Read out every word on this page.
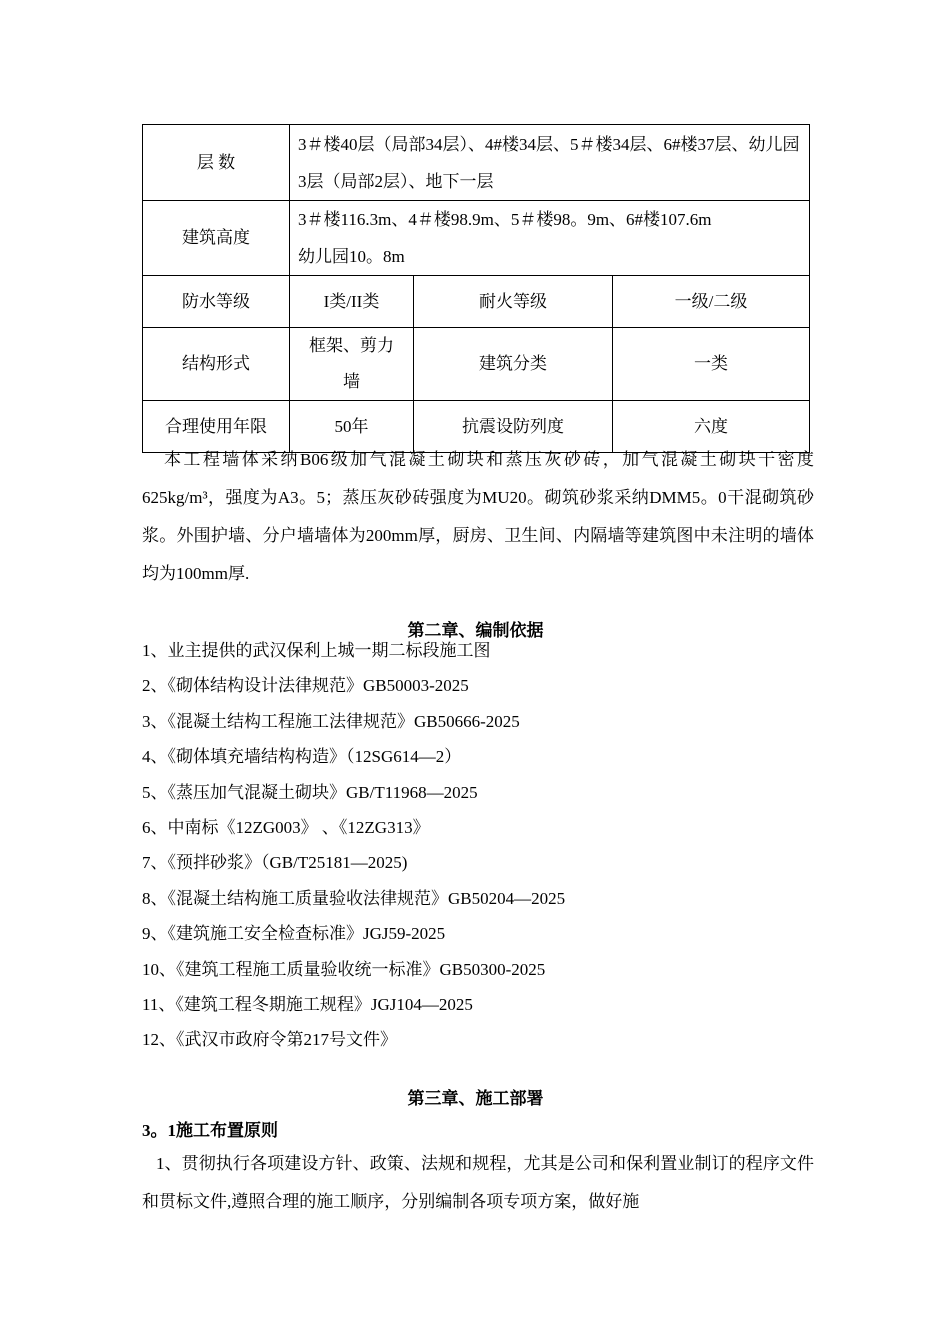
层 数	3＃楼40层（局部34层）、4#楼34层、5＃楼34层、6#楼37层、幼儿园3层（局部2层）、地下一层		
建筑高度	3＃楼116.3m、4＃楼98.9m、5＃楼98。9m、6#楼107.6m
幼儿园10。8m		

防水等级	I类/II类	耐火等级	一级/二级
结构形式	框架、剪力墙	建筑分类	一类
合理使用年限	50年	抗震设防列度	六度

本工程墙体采纳B06级加气混凝土砌块和蒸压灰砂砖，加气混凝土砌块干密度625kg/m³，强度为A3。5；蒸压灰砂砖强度为MU20。砌筑砂浆采纳DMM5。0干混砌筑砂浆。外围护墙、分户墙墙体为200mm厚，厨房、卫生间、内隔墙等建筑图中未注明的墙体均为100mm厚.

第二章、编制依据
1、业主提供的武汉保利上城一期二标段施工图
2、《砌体结构设计法律规范》GB50003-2025
3、《混凝土结构工程施工法律规范》GB50666-2025
4、《砌体填充墙结构构造》（12SG614—2）
5、《蒸压加气混凝土砌块》GB/T11968—2025
6、中南标《12ZG003》 、《12ZG313》
7、《预拌砂浆》（GB/T25181—2025)
8、《混凝土结构施工质量验收法律规范》GB50204—2025
9、《建筑施工安全检查标准》JGJ59-2025
10、《建筑工程施工质量验收统一标准》GB50300-2025
11、《建筑工程冬期施工规程》JGJ104—2025
12、《武汉市政府令第217号文件》
第三章、施工部署
3。1施工布置原则

1、贯彻执行各项建设方针、政策、法规和规程，尤其是公司和保利置业制订的程序文件和贯标文件,遵照合理的施工顺序，分别编制各项专项方案，做好施
